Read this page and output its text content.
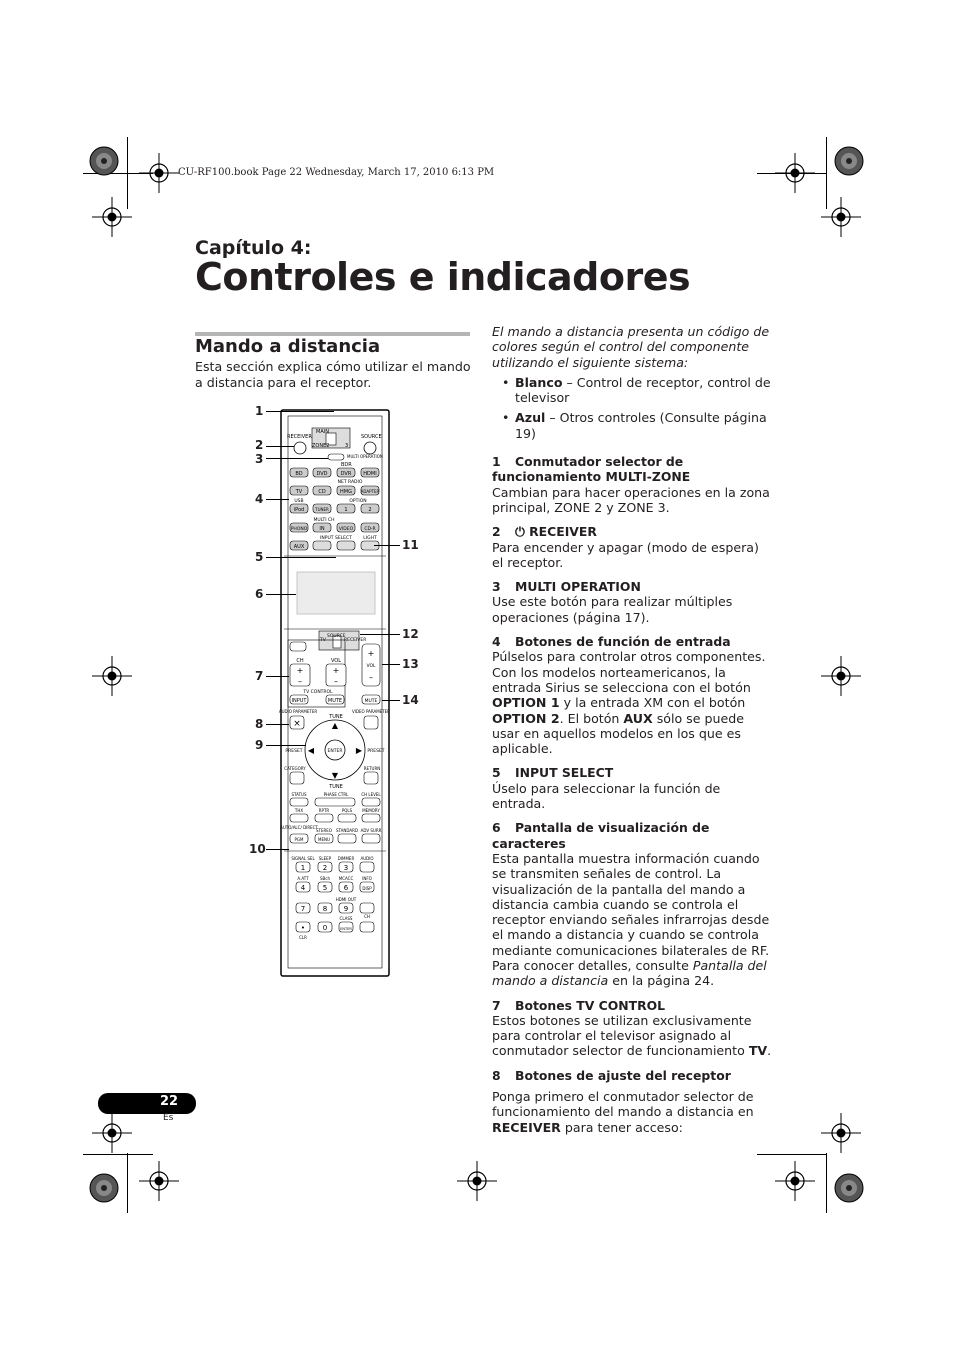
CU-RF100.book Page 22 Wednesday, March 17, 2010 6:13 PM
Capítulo 4:
Controles e indicadores
Mando a distancia
Esta sección explica cómo utilizar el mando a distancia para el receptor.
MAIN
ZONE2	3
RECEIVER	SOURCE
MULTI OPERATION
BDR
BD	DVD	DVR HDMI
NET RADIO
TV	CD	HMG ADAPTER
USB	OPTION
iPod	TUNER	1	2
MULTI CH
PHONO IN	VIDEO CD-R
INPUT SELECT	LIGHT
AUX
TV
SOURCE
RECEIVER
CH	VOL
+
–
+
–
TV CONTROL
INPUT	MUTE
+
VOL
–
MUTE
AUDIO PARAMETER	VIDEO PARAMETER
TUNE
×
ENTER
▲
▼
◀	▶
PRESET	PRESET
TUNE
CATEGORY	RETURN
STATUS	PHASE CTRL	CH LEVEL
THX	RPTR	PQLS	MEMORY
AUTO/ALC/ DIRECT
STEREO STANDARD ADV SURR
PGM	MENU
SIGNAL SEL SLEEP DIMMER AUDIO
1	2 3
A.ATT	SBch MCACC INFO
4	5 6	DISP
HDMI OUT
7	8 9
CLASS	CH
•	0	ENTER
CLR
1
2
3
4
5
6
7
8
9
10
11
12
13
14

El mando a distancia presenta un código de colores según el control del componente utilizando el siguiente sistema:

• Blanco – Control de receptor, control de televisor
• Azul – Otros controles (Consulte página 19)
1 Conmutador selector de funcionamiento MULTI-ZONE

Cambian para hacer operaciones en la zona principal, ZONE 2 y ZONE 3.

2 ⏻ RECEIVER

Para encender y apagar (modo de espera) el receptor.

3 MULTI OPERATION

Use este botón para realizar múltiples operaciones (página 17).

4 Botones de función de entrada

Púlselos para controlar otros componentes. Con los modelos norteamericanos, la entrada Sirius se selecciona con el botón OPTION 1 y la entrada XM con el botón OPTION 2. El botón AUX sólo se puede usar en aquellos modelos en los que es aplicable.

5 INPUT SELECT

Úselo para seleccionar la función de entrada.

6 Pantalla de visualización de caracteres

Esta pantalla muestra información cuando se transmiten señales de control. La visualización de la pantalla del mando a distancia cambia cuando se controla el receptor enviando señales infrarrojas desde el mando a distancia y cuando se controla mediante comunicaciones bilaterales de RF. Para conocer detalles, consulte Pantalla del mando a distancia en la página 24.

7 Botones TV CONTROL

Estos botones se utilizan exclusivamente para controlar el televisor asignado al conmutador selector de funcionamiento TV.

8 Botones de ajuste del receptor

Ponga primero el conmutador selector de funcionamiento del mando a distancia en RECEIVER para tener acceso:

22
Es
